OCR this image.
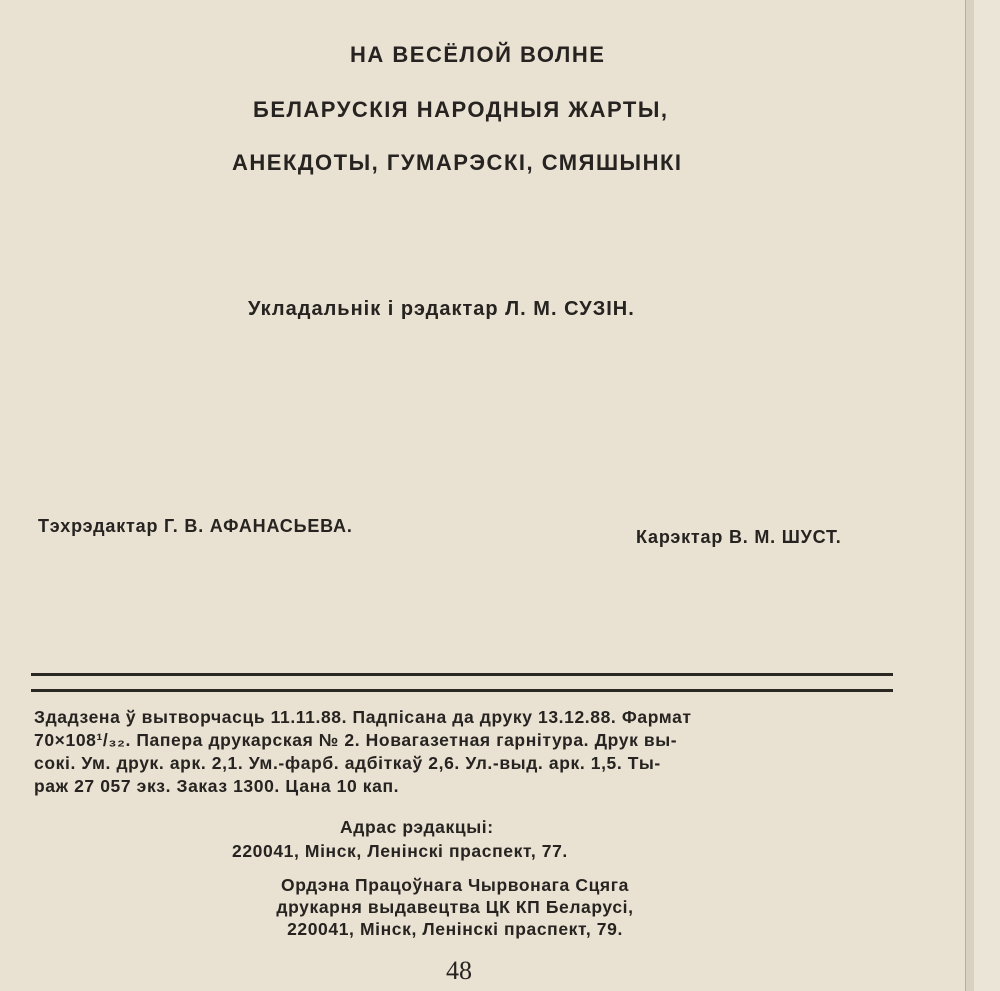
НА ВЕСЁЛОЙ ВОЛНЕ
БЕЛАРУСКІЯ НАРОДНЫЯ ЖАРТЫ,
АНЕКДОТЫ, ГУМАРЭСКІ, СМЯШЫНКІ
Укладальнік і рэдактар Л. М. СУЗІН.
Тэхрэдактар Г. В. АФАНАСЬЕВА.
Карэктар В. М. ШУСТ.
Здадзена ў вытворчасць 11.11.88. Падпісана да друку 13.12.88. Фармат
70×108¹/₃₂. Папера друкарская № 2. Новагазетная гарнітура. Друк вы-
сокі. Ум. друк. арк. 2,1. Ум.-фарб. адбіткаў 2,6. Ул.-выд. арк. 1,5. Ты-
раж 27 057 экз. Заказ 1300. Цана 10 кап.
Адрас рэдакцыі:
220041, Мінск, Ленінскі праспект, 77.
Ордэна Працоўнага Чырвонага Сцяга
друкарня выдавецтва ЦК КП Беларусі,
220041, Мінск, Ленінскі праспект, 79.
48
